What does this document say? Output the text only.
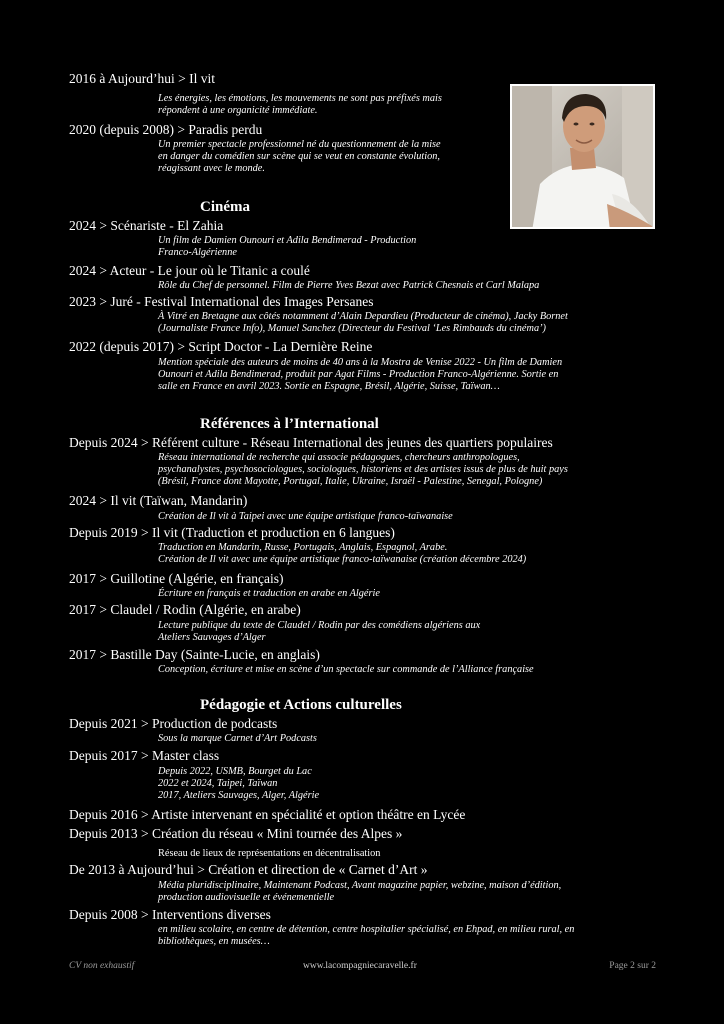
2016 à Aujourd’hui > Il vit
Les énergies, les émotions, les mouvements ne sont pas préfixés mais
répondent à une organicité immédiate.
2020 (depuis 2008) > Paradis perdu
Un premier spectacle professionnel né du questionnement de la mise
en danger du comédien sur scène qui se veut en constante évolution,
réagissant avec le monde.
Cinéma
2024 > Scénariste - El Zahia
Un film de Damien Ounouri et Adila Bendimerad - Production
Franco-Algérienne
2024 > Acteur - Le jour où le Titanic a coulé
Rôle du Chef de personnel. Film de Pierre Yves Bezat avec Patrick Chesnais et Carl Malapa
2023 > Juré - Festival International des Images Persanes
À Vitré en Bretagne aux côtés notamment d’Alain Depardieu (Producteur de cinéma), Jacky Bornet
(Journaliste France Info), Manuel Sanchez (Directeur du Festival ‘Les Rimbauds du cinéma’)
2022 (depuis 2017) > Script Doctor - La Dernière Reine
Mention spéciale des auteurs de moins de 40 ans à la Mostra de Venise 2022 - Un film de Damien
Ounouri et Adila Bendimerad, produit par Agat Films - Production Franco-Algérienne. Sortie en
salle en France en avril 2023. Sortie en Espagne, Brésil, Algérie, Suisse, Taïwan…
Références à l’International
Depuis 2024 > Référent culture - Réseau International des jeunes des quartiers populaires
Réseau international de recherche qui associe pédagogues, chercheurs anthropologues,
psychanalystes, psychosociologues, sociologues, historiens et des artistes issus de plus de huit pays
(Brésil, France dont Mayotte, Portugal, Italie, Ukraine, Israël - Palestine, Senegal, Pologne)
2024 > Il vit (Taïwan, Mandarin)
Création de Il vit à Taipei avec une équipe artistique franco-taïwanaise
Depuis 2019 > Il vit (Traduction et production en 6 langues)
Traduction en Mandarin, Russe, Portugais, Anglais, Espagnol, Arabe.
Création de Il vit avec une équipe artistique franco-taïwanaise (création décembre 2024)
2017 > Guillotine (Algérie, en français)
Écriture en français et traduction en arabe en Algérie
2017 > Claudel / Rodin (Algérie, en arabe)
Lecture publique du texte de Claudel / Rodin par des comédiens algériens aux
Ateliers Sauvages d’Alger
2017 > Bastille Day (Sainte-Lucie, en anglais)
Conception, écriture et mise en scène d’un spectacle sur commande de l’Alliance française
Pédagogie et Actions culturelles
Depuis 2021 > Production de podcasts
Sous la marque Carnet d’Art Podcasts
Depuis 2017 > Master class
Depuis 2022, USMB, Bourget du Lac
2022 et 2024, Taipei, Taïwan
2017, Ateliers Sauvages, Alger, Algérie
Depuis 2016 > Artiste intervenant en spécialité et option théâtre en Lycée
Depuis 2013 > Création du réseau « Mini tournée des Alpes »
Réseau de lieux de représentations en décentralisation
De 2013 à Aujourd’hui > Création et direction de « Carnet d’Art »
Média pluridisciplinaire, Maintenant Podcast, Avant magazine papier, webzine, maison d’édition,
production audiovisuelle et événementielle
Depuis 2008 > Interventions diverses
en milieu scolaire, en centre de détention, centre hospitalier spécialisé, en Ehpad, en milieu rural, en
bibliothèques, en musées…
CV non exhaustif	www.lacompagniecaravelle.fr	Page 2 sur 2
